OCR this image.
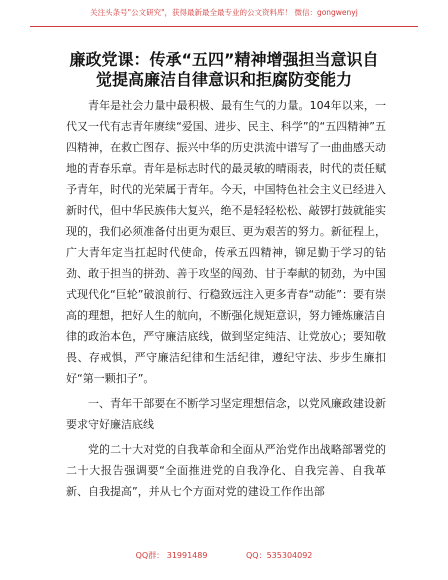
关注头条号"公文研究"，获得最新最全最专业的公文资料库！ 微信：gongwenyj
廉政党课：传承“五四”精神增强担当意识自
觉提高廉洁自律意识和拒腐防变能力

青年是社会力量中最积极、最有生气的力量。104年以来，一代又一代有志青年赓续“爱国、进步、民主、科学”的“五四精神”五四精神，在救亡图存、振兴中华的历史洪流中谱写了一曲曲感天动地的青春乐章。青年是标志时代的最灵敏的晴雨表，时代的责任赋予青年，时代的光荣属于青年。今天，中国特色社会主义已经进入新时代，但中华民族伟大复兴，绝不是轻轻松松、敲锣打鼓就能实现的，我们必须准备付出更为艰巨、更为艰苦的努力。新征程上，广大青年定当扛起时代使命，传承五四精神，铆足勤于学习的钻劲、敢于担当的拼劲、善于攻坚的闯劲、甘于奉献的韧劲，为中国式现代化“巨轮”破浪前行、行稳致远注入更多青春“动能”：要有崇高的理想，把好人生的航向，不断强化规矩意识，努力锤炼廉洁自律的政治本色，严守廉洁底线，做到坚定纯洁、让党放心；要知敬畏、存戒惧，严守廉洁纪律和生活纪律，遵纪守法、步步生廉扣好“第一颗扣子”。

一、青年干部要在不断学习坚定理想信念，以党风廉政建设新要求守好廉洁底线

党的二十大对党的自我革命和全面从严治党作出战略部署党的二十大报告强调要“全面推进党的自我净化、自我完善、自我革新、自我提高”，并从七个方面对党的建设工作作出部

QQ群： 31991489	QQ：535304092
